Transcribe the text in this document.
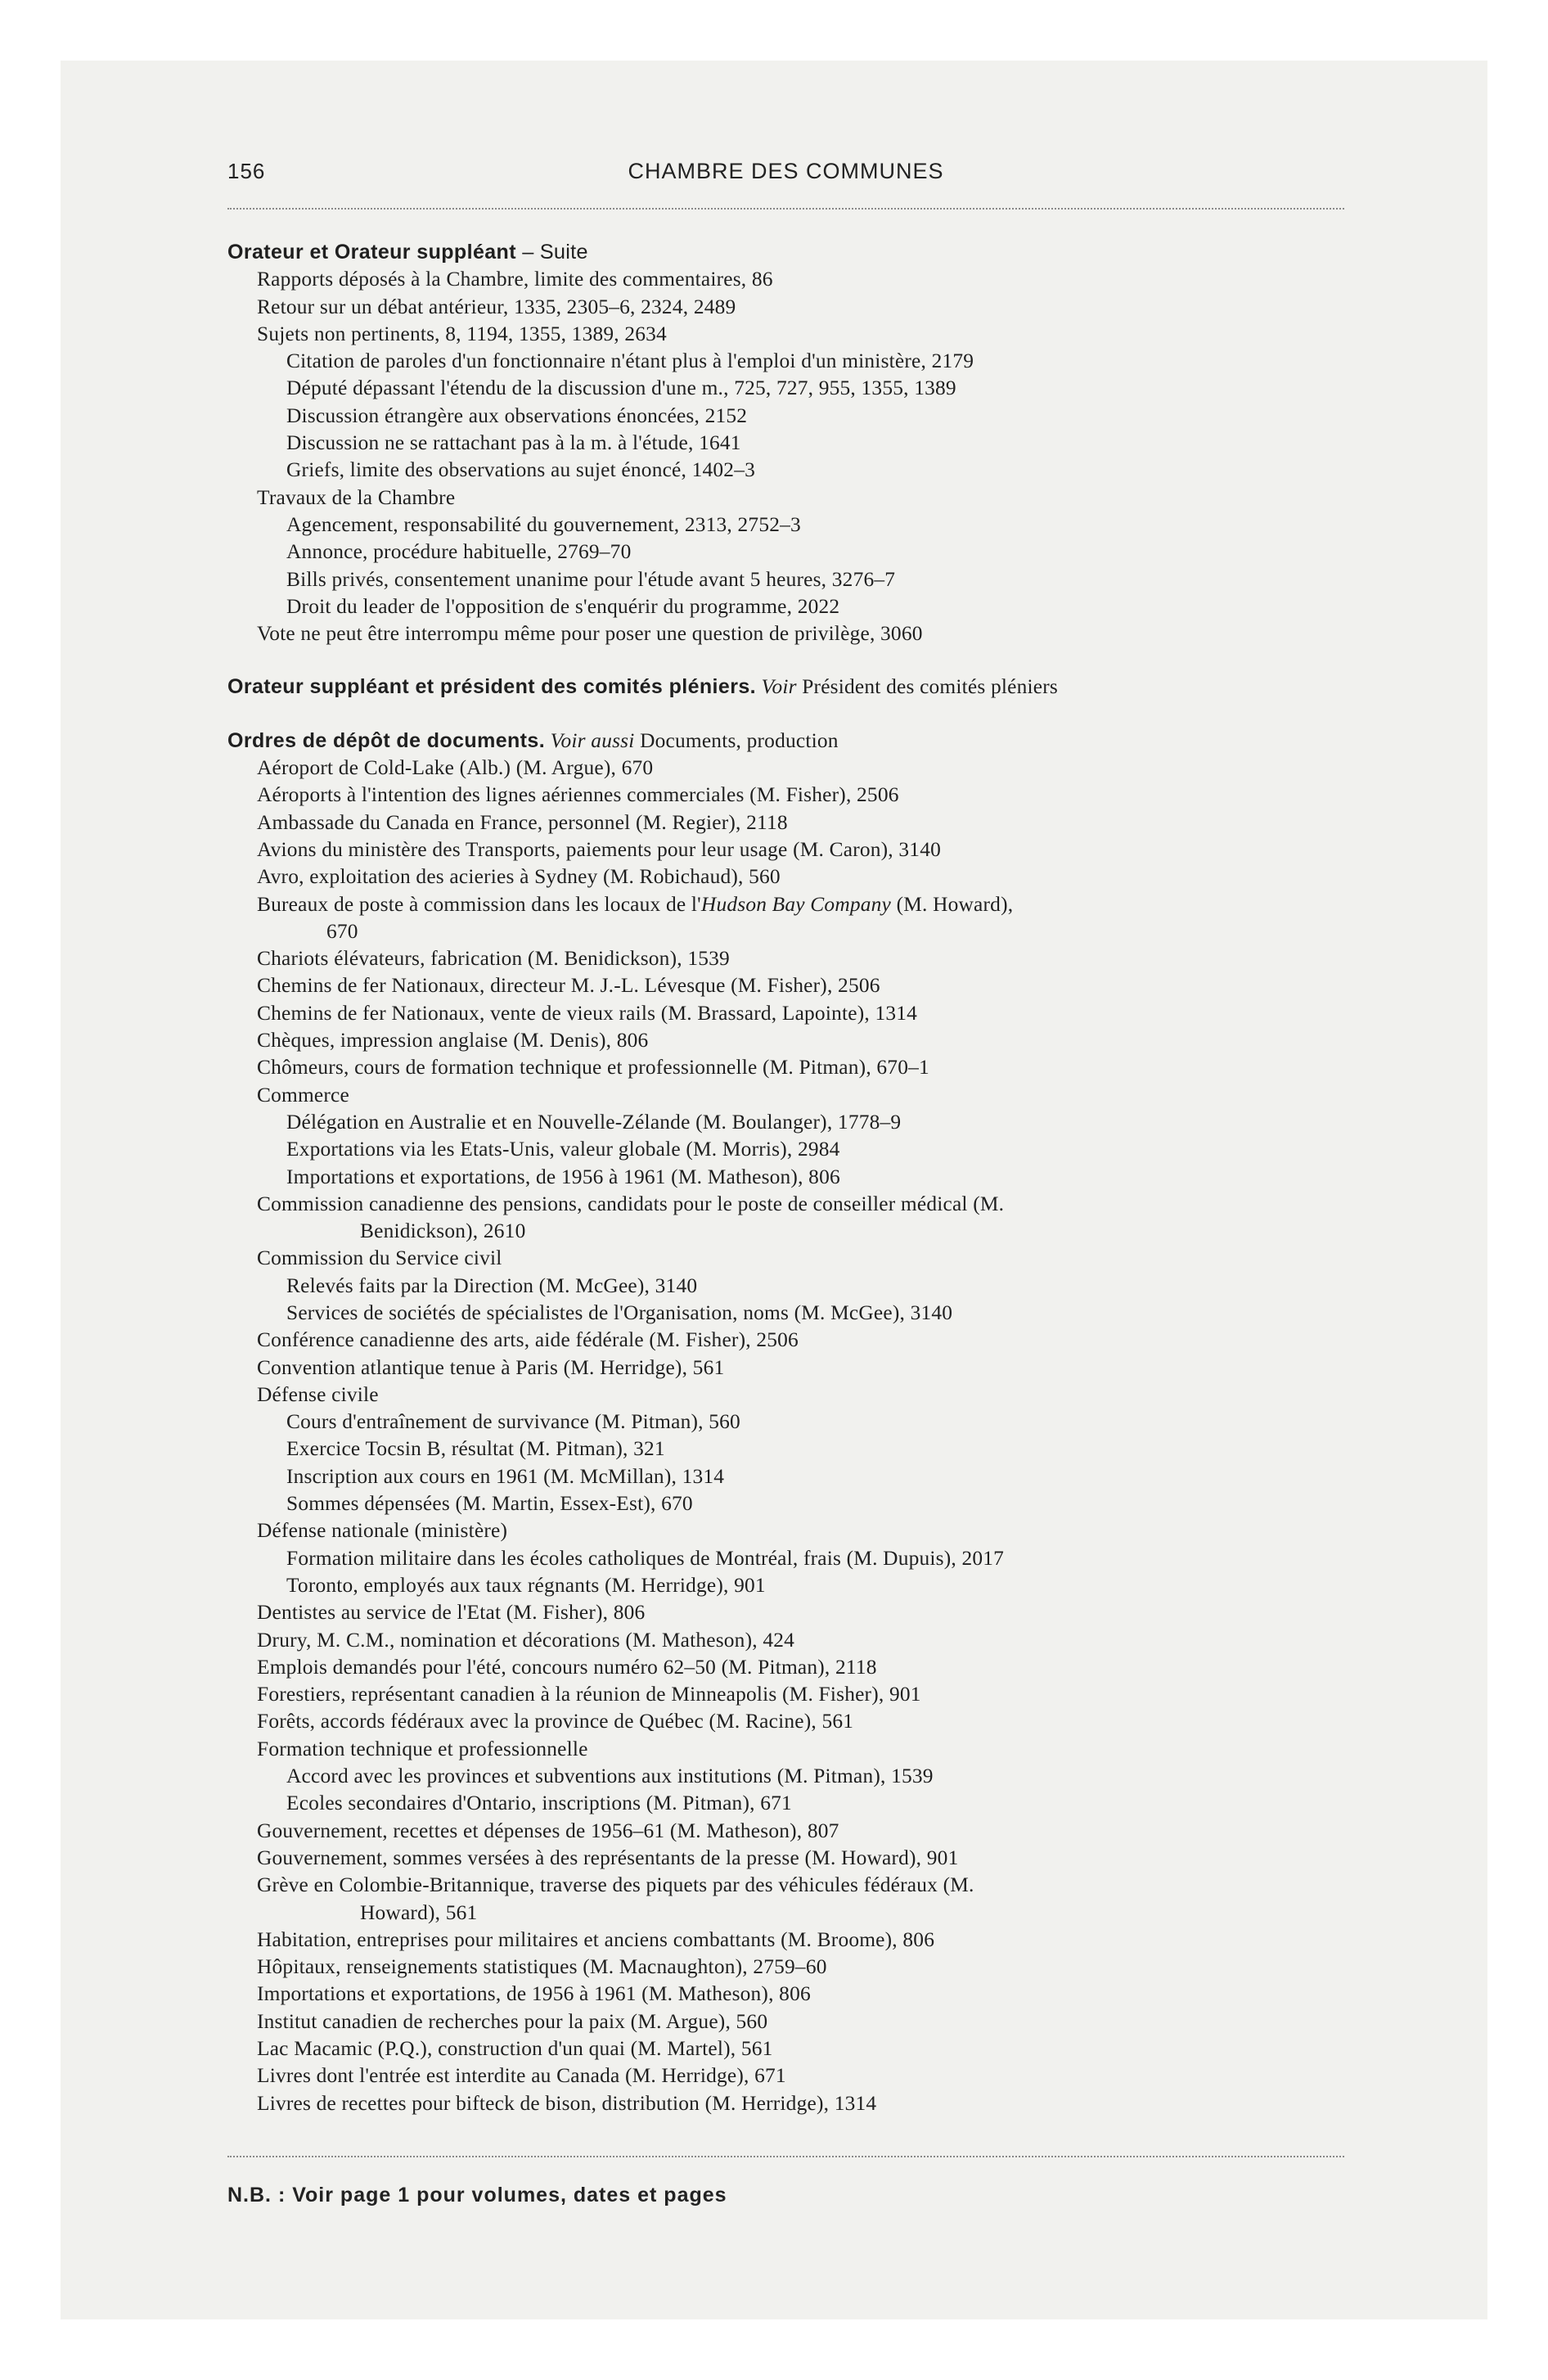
156	CHAMBRE DES COMMUNES
Orateur et Orateur suppléant – Suite
Rapports déposés à la Chambre, limite des commentaires, 86
Retour sur un débat antérieur, 1335, 2305–6, 2324, 2489
Sujets non pertinents, 8, 1194, 1355, 1389, 2634
Citation de paroles d'un fonctionnaire n'étant plus à l'emploi d'un ministère, 2179
Député dépassant l'étendu de la discussion d'une m., 725, 727, 955, 1355, 1389
Discussion étrangère aux observations énoncées, 2152
Discussion ne se rattachant pas à la m. à l'étude, 1641
Griefs, limite des observations au sujet énoncé, 1402–3
Travaux de la Chambre
Agencement, responsabilité du gouvernement, 2313, 2752–3
Annonce, procédure habituelle, 2769–70
Bills privés, consentement unanime pour l'étude avant 5 heures, 3276–7
Droit du leader de l'opposition de s'enquérir du programme, 2022
Vote ne peut être interrompu même pour poser une question de privilège, 3060
Orateur suppléant et président des comités pléniers. Voir Président des comités pléniers
Ordres de dépôt de documents. Voir aussi Documents, production
Aéroport de Cold-Lake (Alb.) (M. Argue), 670
Aéroports à l'intention des lignes aériennes commerciales (M. Fisher), 2506
Ambassade du Canada en France, personnel (M. Regier), 2118
Avions du ministère des Transports, paiements pour leur usage (M. Caron), 3140
Avro, exploitation des acieries à Sydney (M. Robichaud), 560
Bureaux de poste à commission dans les locaux de l'Hudson Bay Company (M. Howard),
670
Chariots élévateurs, fabrication (M. Benidickson), 1539
Chemins de fer Nationaux, directeur M. J.-L. Lévesque (M. Fisher), 2506
Chemins de fer Nationaux, vente de vieux rails (M. Brassard, Lapointe), 1314
Chèques, impression anglaise (M. Denis), 806
Chômeurs, cours de formation technique et professionnelle (M. Pitman), 670–1
Commerce
Délégation en Australie et en Nouvelle-Zélande (M. Boulanger), 1778–9
Exportations via les Etats-Unis, valeur globale (M. Morris), 2984
Importations et exportations, de 1956 à 1961 (M. Matheson), 806
Commission canadienne des pensions, candidats pour le poste de conseiller médical (M.
Benidickson), 2610
Commission du Service civil
Relevés faits par la Direction (M. McGee), 3140
Services de sociétés de spécialistes de l'Organisation, noms (M. McGee), 3140
Conférence canadienne des arts, aide fédérale (M. Fisher), 2506
Convention atlantique tenue à Paris (M. Herridge), 561
Défense civile
Cours d'entraînement de survivance (M. Pitman), 560
Exercice Tocsin B, résultat (M. Pitman), 321
Inscription aux cours en 1961 (M. McMillan), 1314
Sommes dépensées (M. Martin, Essex-Est), 670
Défense nationale (ministère)
Formation militaire dans les écoles catholiques de Montréal, frais (M. Dupuis), 2017
Toronto, employés aux taux régnants (M. Herridge), 901
Dentistes au service de l'Etat (M. Fisher), 806
Drury, M. C.M., nomination et décorations (M. Matheson), 424
Emplois demandés pour l'été, concours numéro 62–50 (M. Pitman), 2118
Forestiers, représentant canadien à la réunion de Minneapolis (M. Fisher), 901
Forêts, accords fédéraux avec la province de Québec (M. Racine), 561
Formation technique et professionnelle
Accord avec les provinces et subventions aux institutions (M. Pitman), 1539
Ecoles secondaires d'Ontario, inscriptions (M. Pitman), 671
Gouvernement, recettes et dépenses de 1956–61 (M. Matheson), 807
Gouvernement, sommes versées à des représentants de la presse (M. Howard), 901
Grève en Colombie-Britannique, traverse des piquets par des véhicules fédéraux (M.
Howard), 561
Habitation, entreprises pour militaires et anciens combattants (M. Broome), 806
Hôpitaux, renseignements statistiques (M. Macnaughton), 2759–60
Importations et exportations, de 1956 à 1961 (M. Matheson), 806
Institut canadien de recherches pour la paix (M. Argue), 560
Lac Macamic (P.Q.), construction d'un quai (M. Martel), 561
Livres dont l'entrée est interdite au Canada (M. Herridge), 671
Livres de recettes pour bifteck de bison, distribution (M. Herridge), 1314
N.B. : Voir page 1 pour volumes, dates et pages
